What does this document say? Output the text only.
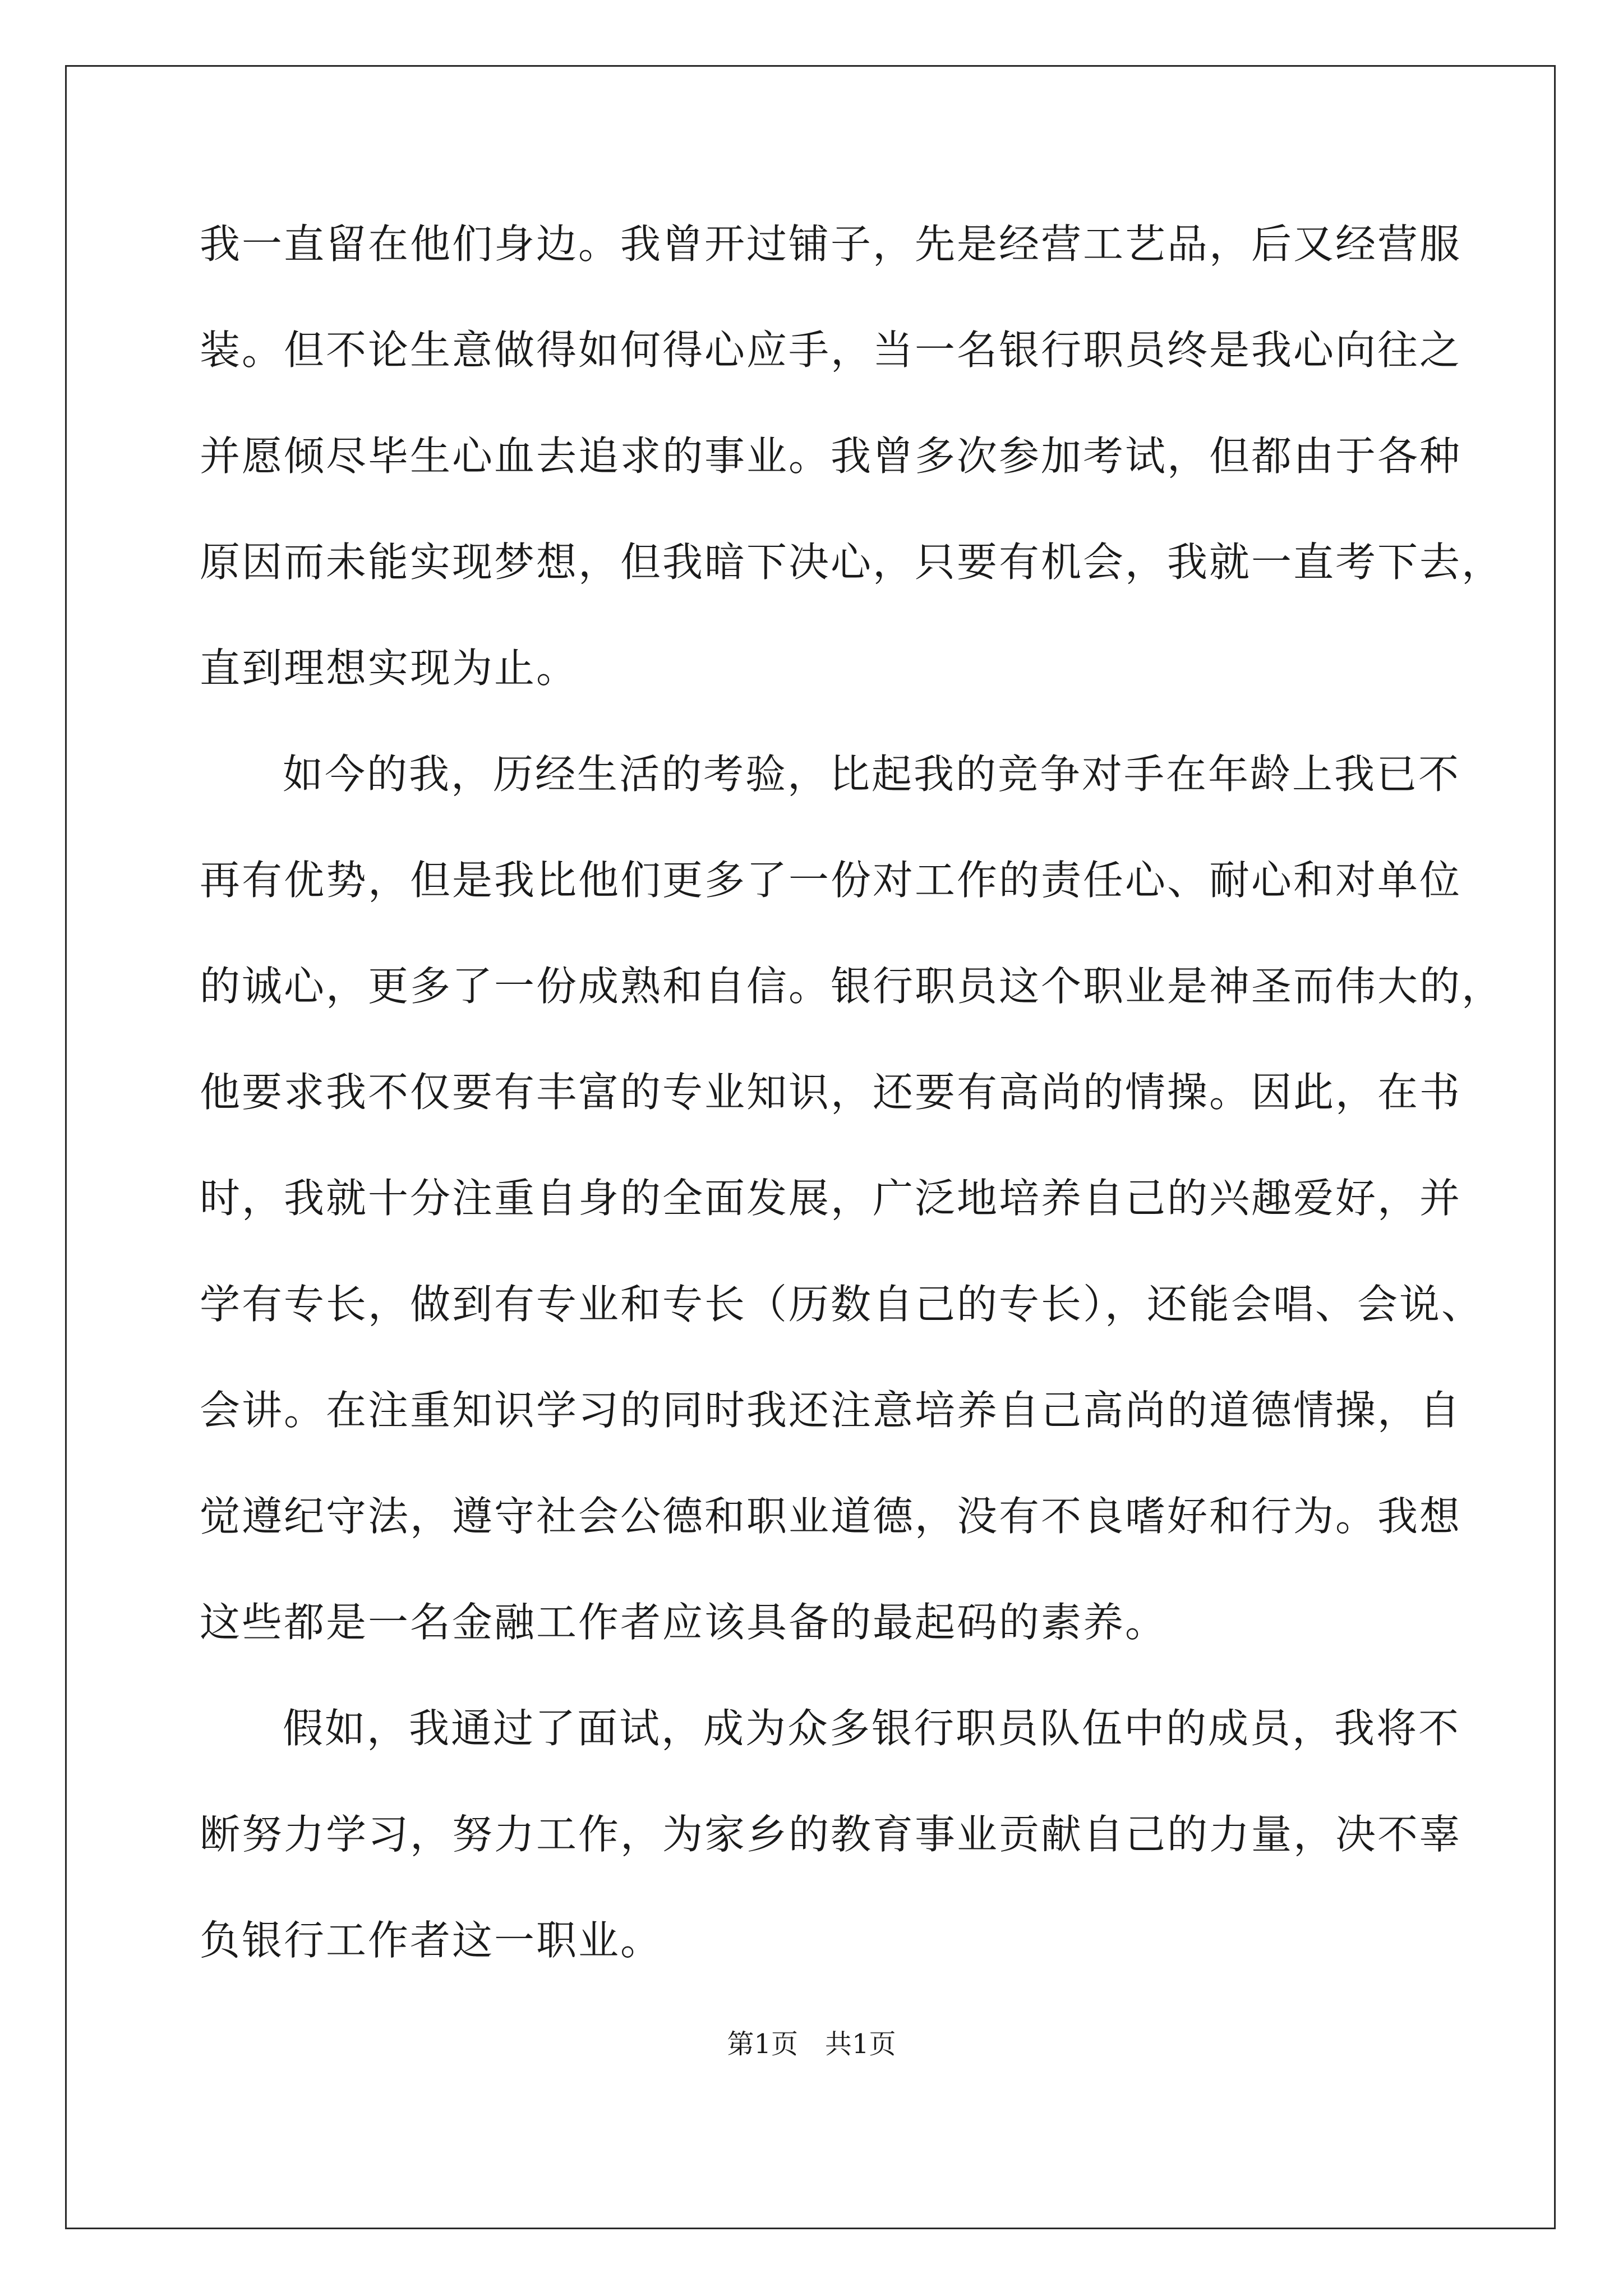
我一直留在他们身边。我曾开过铺子，先是经营工艺品，后又经营服
装。但不论生意做得如何得心应手，当一名银行职员终是我心向往之
并愿倾尽毕生心血去追求的事业。我曾多次参加考试，但都由于各种
原因而未能实现梦想，但我暗下决心，只要有机会，我就一直考下去，
直到理想实现为止。
如今的我，历经生活的考验，比起我的竞争对手在年龄上我已不
再有优势，但是我比他们更多了一份对工作的责任心、耐心和对单位
的诚心，更多了一份成熟和自信。银行职员这个职业是神圣而伟大的，
他要求我不仅要有丰富的专业知识，还要有高尚的情操。因此，在书
时，我就十分注重自身的全面发展，广泛地培养自己的兴趣爱好，并
学有专长，做到有专业和专长（历数自己的专长），还能会唱、会说、
会讲。在注重知识学习的同时我还注意培养自己高尚的道德情操，自
觉遵纪守法，遵守社会公德和职业道德，没有不良嗜好和行为。我想
这些都是一名金融工作者应该具备的最起码的素养。
假如，我通过了面试，成为众多银行职员队伍中的成员，我将不
断努力学习，努力工作，为家乡的教育事业贡献自己的力量，决不辜
负银行工作者这一职业。
第1页　共1页
